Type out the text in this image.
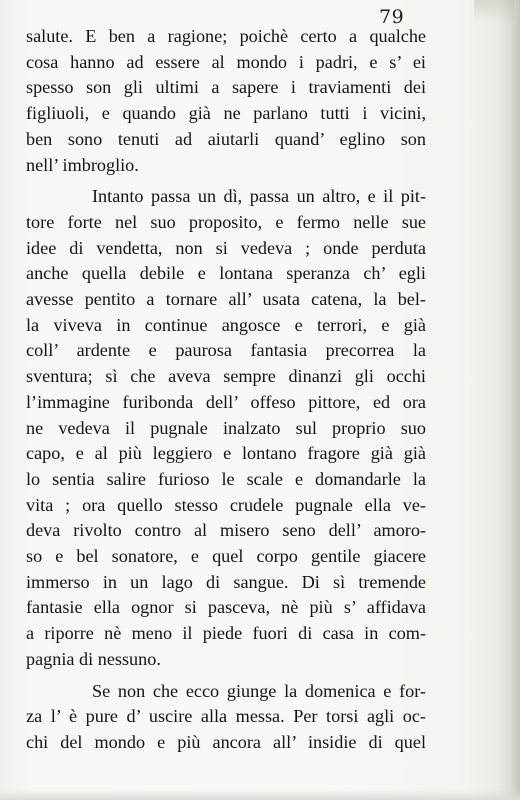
79
salute. E ben a ragione; poichè certo a qualche
cosa hanno ad essere al mondo i padri, e s’ ei
spesso son gli ultimi a sapere i traviamenti dei
figliuoli, e quando già ne parlano tutti i vicini,
ben sono tenuti ad aiutarli quand’ eglino son
nell’ imbroglio.
Intanto passa un dì, passa un altro, e il pit-
tore forte nel suo proposito, e fermo nelle sue
idee di vendetta, non si vedeva ; onde perduta
anche quella debile e lontana speranza ch’ egli
avesse pentito a tornare all’ usata catena, la bel-
la viveva in continue angosce e terrori, e già
coll’ ardente e paurosa fantasia precorrea la
sventura; sì che aveva sempre dinanzi gli occhi
l’immagine furibonda dell’ offeso pittore, ed ora
ne vedeva il pugnale inalzato sul proprio suo
capo, e al più leggiero e lontano fragore già già
lo sentia salire furioso le scale e domandarle la
vita ; ora quello stesso crudele pugnale ella ve-
deva rivolto contro al misero seno dell’ amoro-
so e bel sonatore, e quel corpo gentile giacere
immerso in un lago di sangue. Di sì tremende
fantasie ella ognor si pasceva, nè più s’ affidava
a riporre nè meno il piede fuori di casa in com-
pagnia di nessuno.
Se non che ecco giunge la domenica e for-
za l’ è pure d’ uscire alla messa. Per torsi agli oc-
chi del mondo e più ancora all’ insidie di quel
